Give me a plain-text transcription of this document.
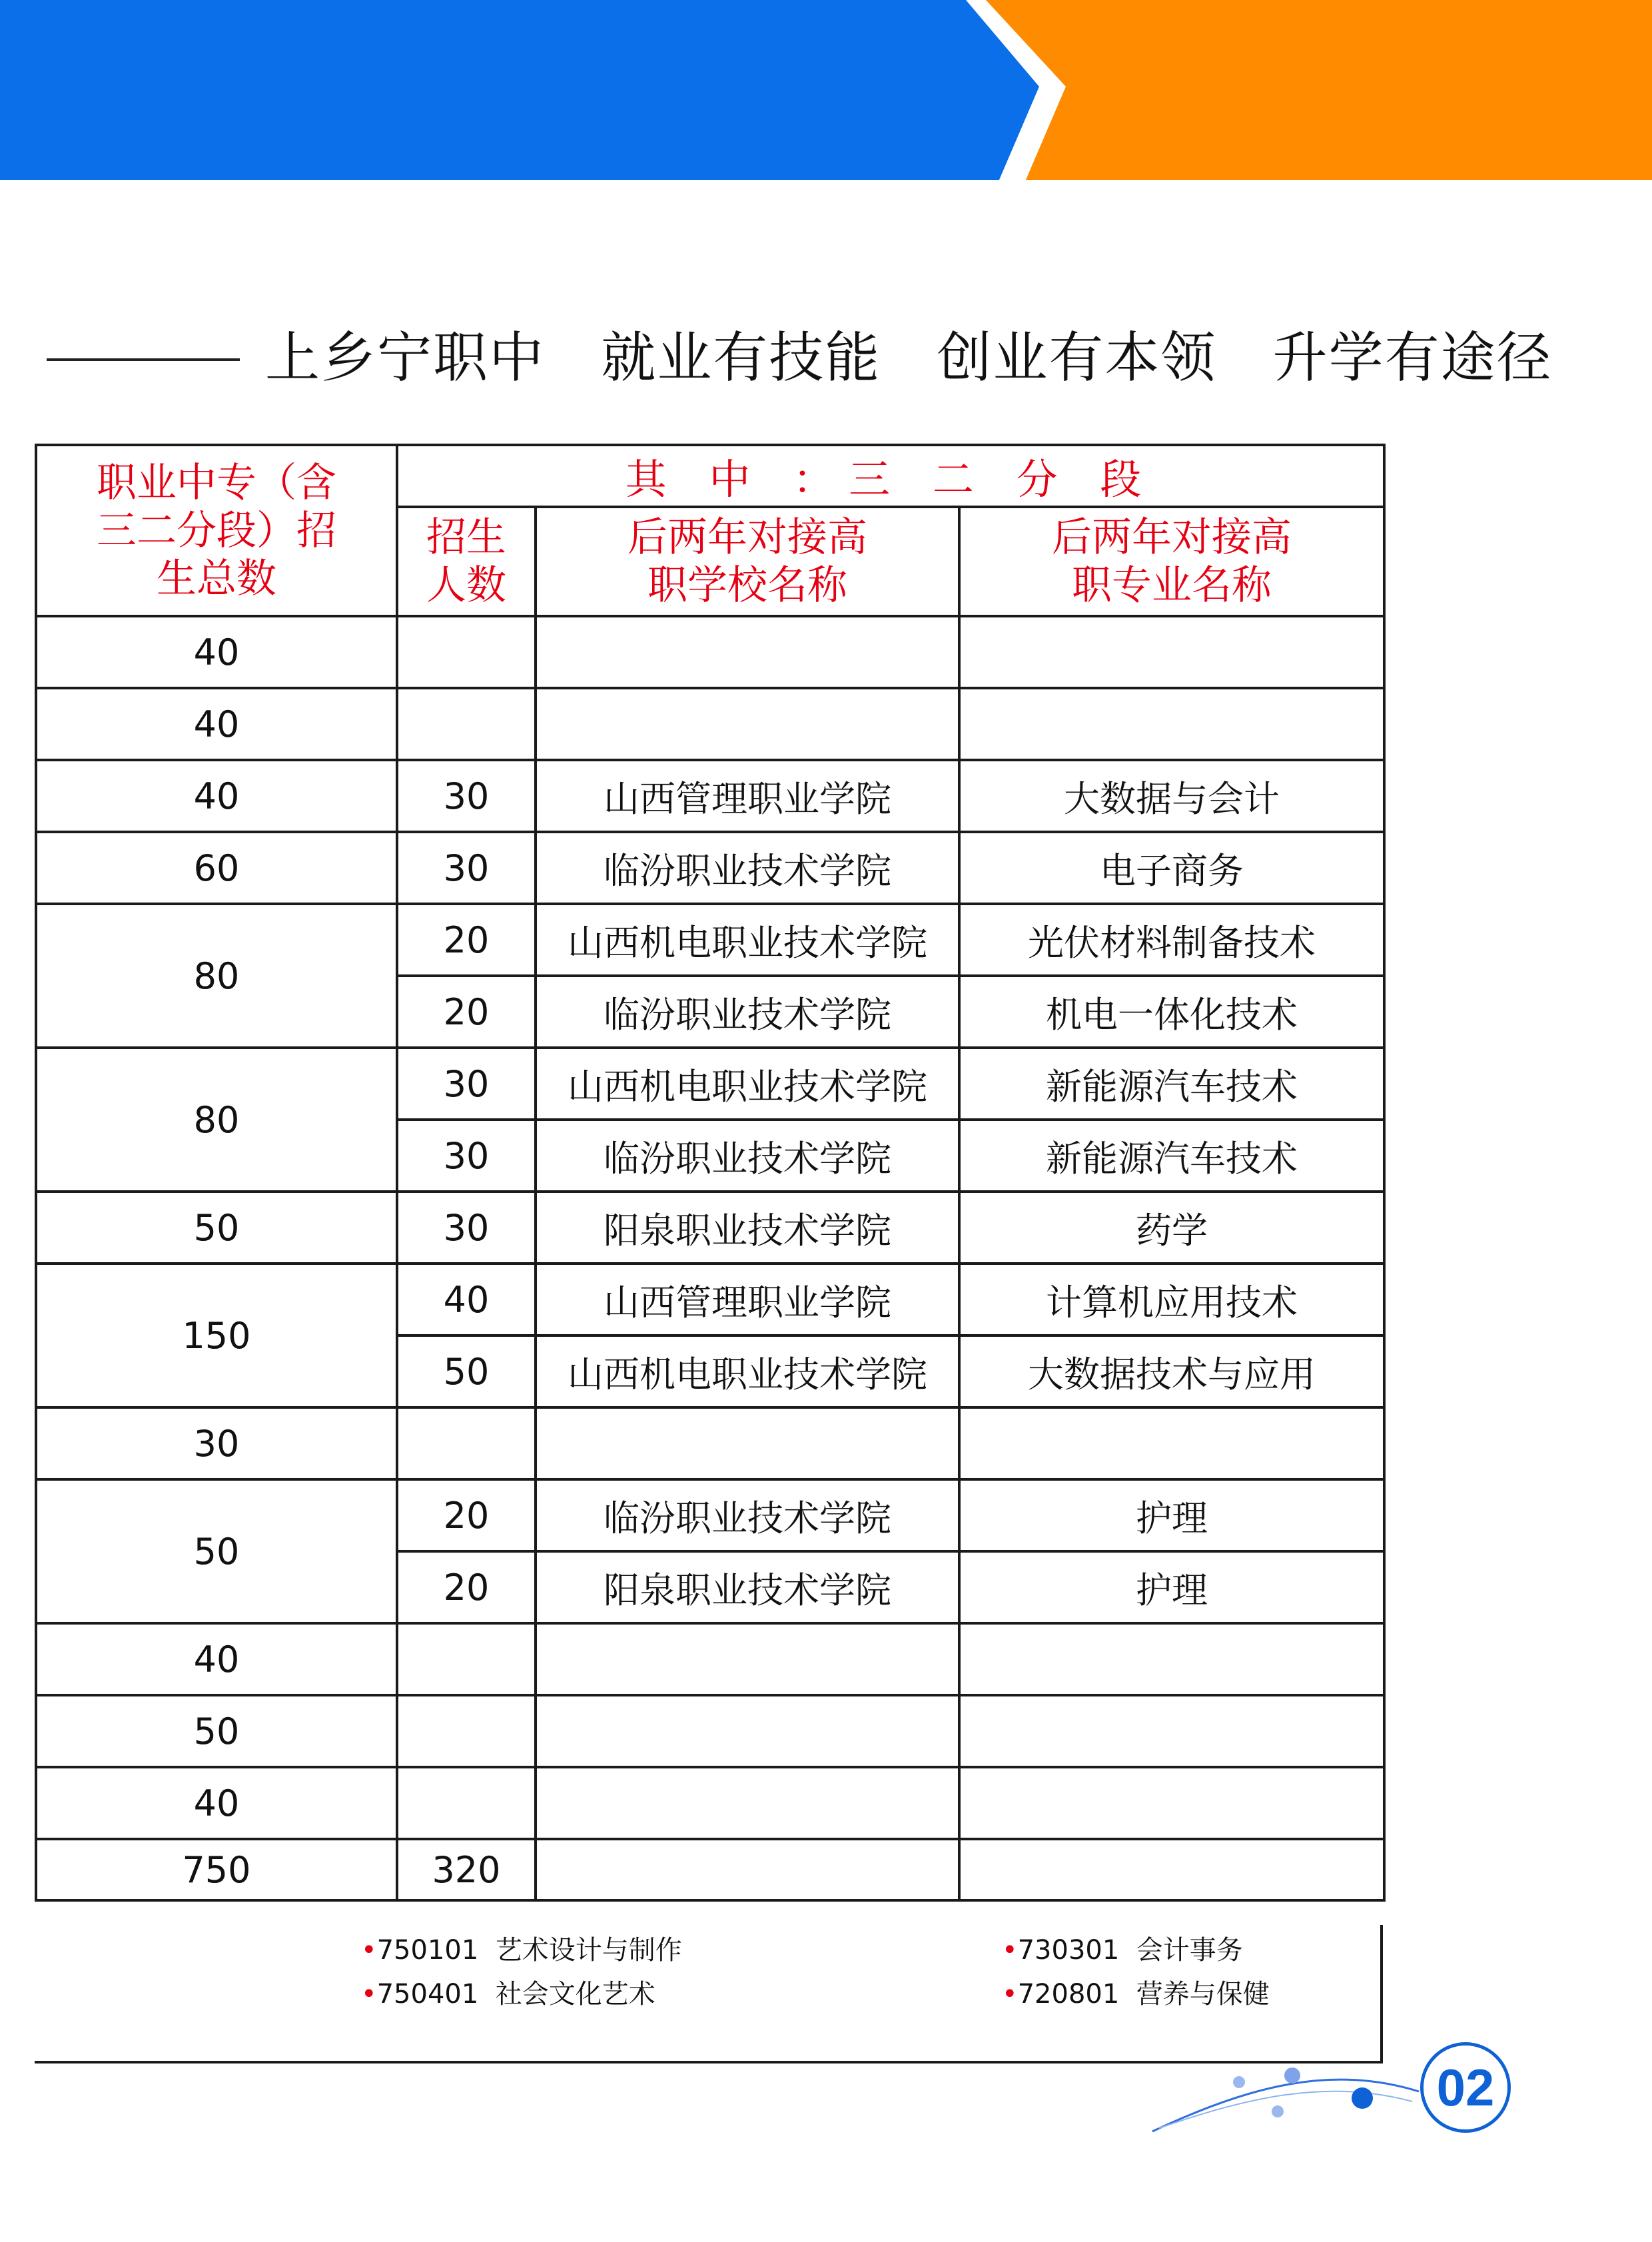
上乡宁职中   就业有技能   创业有本领   升学有途径
职业中专（含三二分段）招生总数	其 中 ：三 二 分 段		
	招生人数	后两年对接高职学校名称	后两年对接高职专业名称
40			
40			
40	30	山西管理职业学院	大数据与会计
60	30	临汾职业技术学院	电子商务
80	20	山西机电职业技术学院	光伏材料制备技术
	20	临汾职业技术学院	机电一体化技术
80	30	山西机电职业技术学院	新能源汽车技术
	30	临汾职业技术学院	新能源汽车技术
50	30	阳泉职业技术学院	药学
150	40	山西管理职业学院	计算机应用技术
	50	山西机电职业技术学院	大数据技术与应用
30			
50	20	临汾职业技术学院	护理
	20	阳泉职业技术学院	护理
40			
50			
40			
750	320		
•750101  艺术设计与制作
•750401  社会文化艺术
•730301  会计事务
•720801  营养与保健
02
